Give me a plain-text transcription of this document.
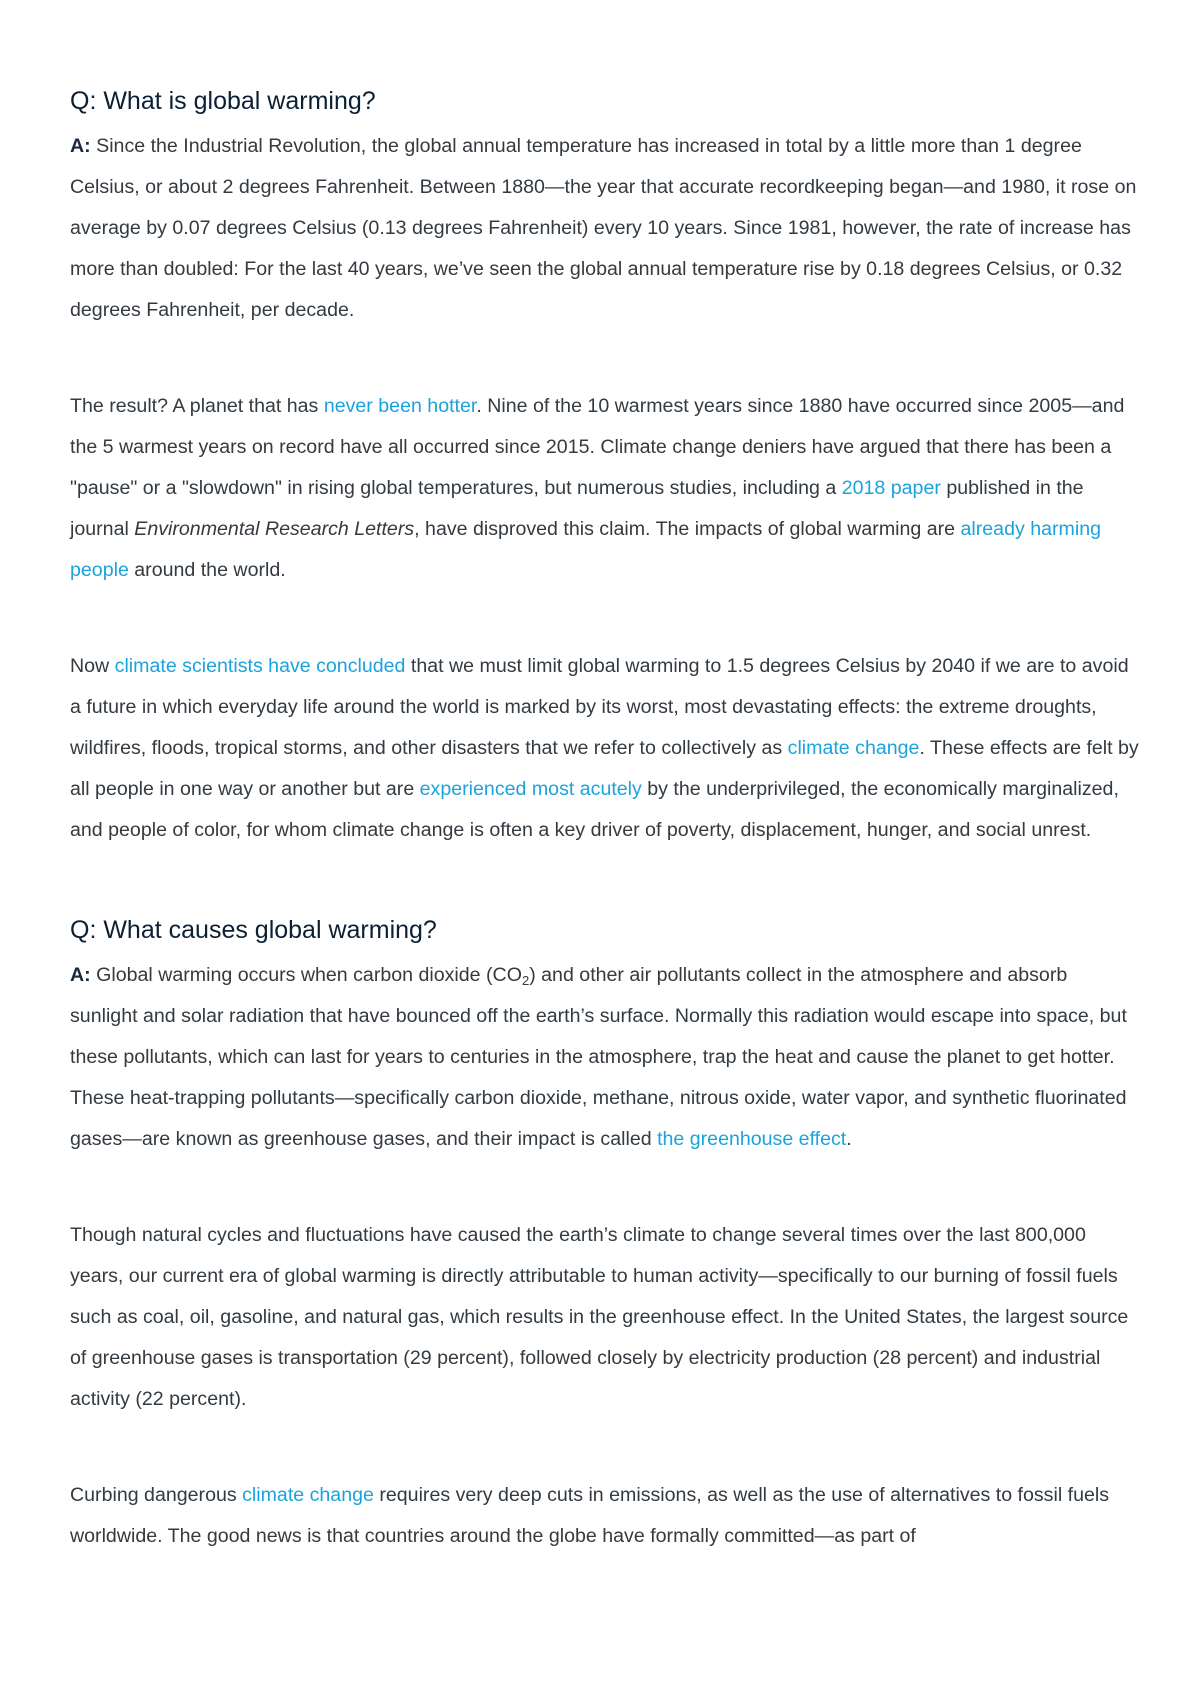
Q: What is global warming?

A: Since the Industrial Revolution, the global annual temperature has increased in total by a little more than 1 degree Celsius, or about 2 degrees Fahrenheit. Between 1880—the year that accurate recordkeeping began—and 1980, it rose on average by 0.07 degrees Celsius (0.13 degrees Fahrenheit) every 10 years. Since 1981, however, the rate of increase has more than doubled: For the last 40 years, we’ve seen the global annual temperature rise by 0.18 degrees Celsius, or 0.32 degrees Fahrenheit, per decade.

The result? A planet that has never been hotter. Nine of the 10 warmest years since 1880 have occurred since 2005—and the 5 warmest years on record have all occurred since 2015. Climate change deniers have argued that there has been a "pause" or a "slowdown" in rising global temperatures, but numerous studies, including a 2018 paper published in the journal Environmental Research Letters, have disproved this claim. The impacts of global warming are already harming people around the world.

Now climate scientists have concluded that we must limit global warming to 1.5 degrees Celsius by 2040 if we are to avoid a future in which everyday life around the world is marked by its worst, most devastating effects: the extreme droughts, wildfires, floods, tropical storms, and other disasters that we refer to collectively as climate change. These effects are felt by all people in one way or another but are experienced most acutely by the underprivileged, the economically marginalized, and people of color, for whom climate change is often a key driver of poverty, displacement, hunger, and social unrest.

Q: What causes global warming?

A: Global warming occurs when carbon dioxide $(CO_2)$ and other air pollutants collect in the atmosphere and absorb sunlight and solar radiation that have bounced off the earth’s surface. Normally this radiation would escape into space, but these pollutants, which can last for years to centuries in the atmosphere, trap the heat and cause the planet to get hotter. These heat-trapping pollutants—specifically carbon dioxide, methane, nitrous oxide, water vapor, and synthetic fluorinated gases—are known as greenhouse gases, and their impact is called the greenhouse effect.

Though natural cycles and fluctuations have caused the earth’s climate to change several times over the last 800,000 years, our current era of global warming is directly attributable to human activity—specifically to our burning of fossil fuels such as coal, oil, gasoline, and natural gas, which results in the greenhouse effect. In the United States, the largest source of greenhouse gases is transportation (29 percent), followed closely by electricity production (28 percent) and industrial activity (22 percent).

Curbing dangerous climate change requires very deep cuts in emissions, as well as the use of alternatives to fossil fuels worldwide. The good news is that countries around the globe have formally committed—as part of
